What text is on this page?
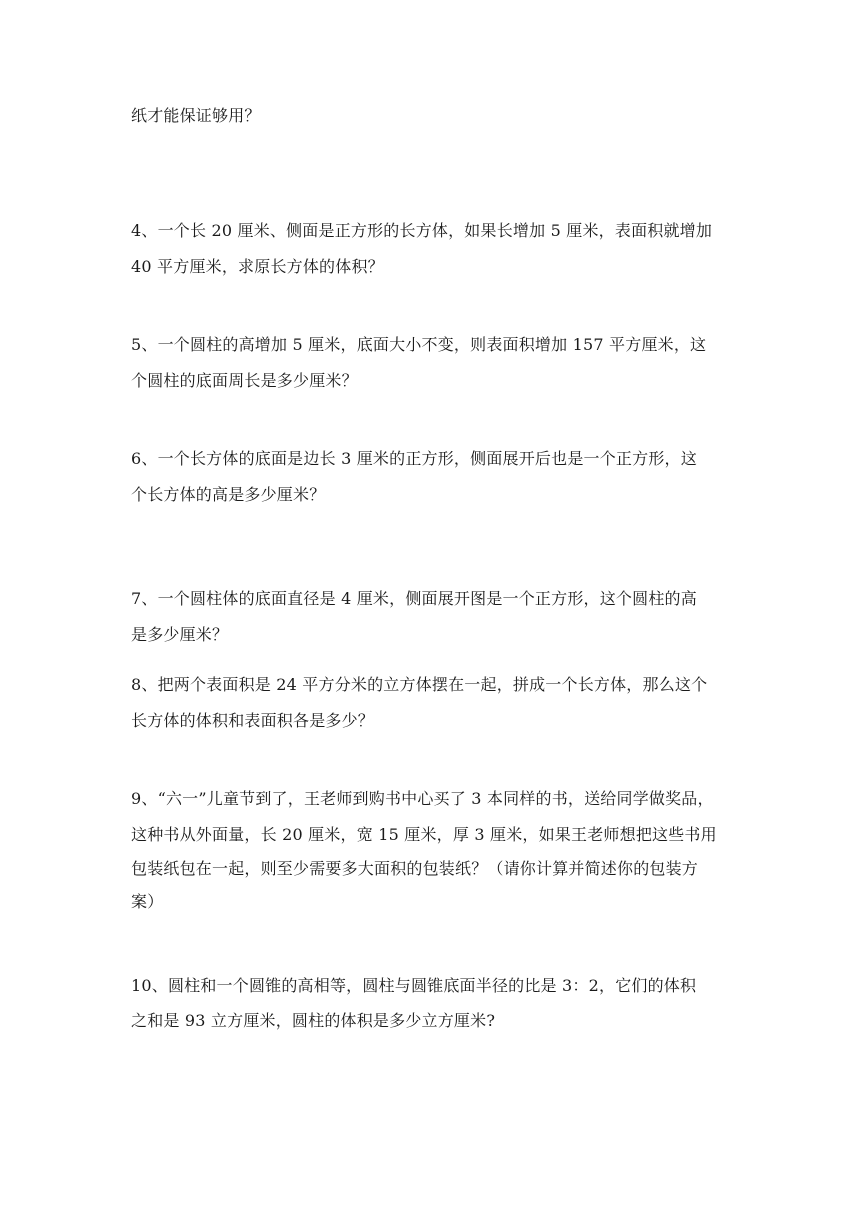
纸才能保证够用？
4、一个长 20 厘米、侧面是正方形的长方体，如果长增加 5 厘米，表面积就增加
40 平方厘米，求原长方体的体积？
5、一个圆柱的高增加 5 厘米，底面大小不变，则表面积增加 157 平方厘米，这
个圆柱的底面周长是多少厘米？
6、一个长方体的底面是边长 3 厘米的正方形，侧面展开后也是一个正方形，这
个长方体的高是多少厘米？
7、一个圆柱体的底面直径是 4 厘米，侧面展开图是一个正方形，这个圆柱的高
是多少厘米？
8、把两个表面积是 24 平方分米的立方体摆在一起，拼成一个长方体，那么这个
长方体的体积和表面积各是多少？
9、“六一”儿童节到了，王老师到购书中心买了 3 本同样的书，送给同学做奖品，
这种书从外面量，长 20 厘米，宽 15 厘米，厚 3 厘米，如果王老师想把这些书用
包装纸包在一起，则至少需要多大面积的包装纸？（请你计算并简述你的包装方
案）
10、圆柱和一个圆锥的高相等，圆柱与圆锥底面半径的比是 3：2，它们的体积
之和是 93 立方厘米，圆柱的体积是多少立方厘米?
